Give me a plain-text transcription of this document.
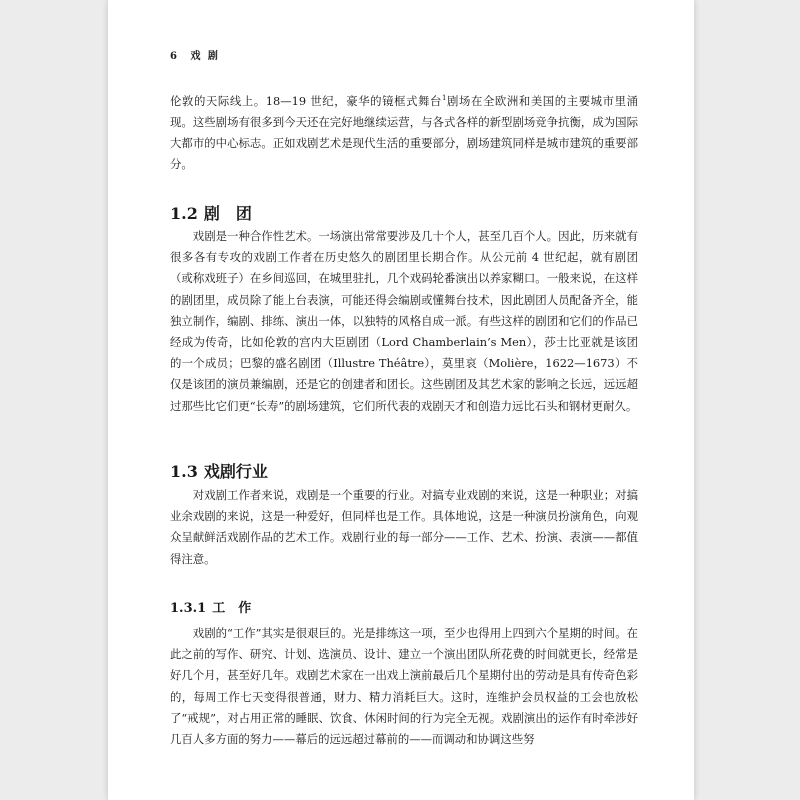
6 戏 剧

伦敦的天际线上。18—19 世纪，豪华的镜框式舞台$^1$剧场在全欧洲和美国的主要城市里涌现。这些剧场有很多到今天还在完好地继续运营，与各式各样的新型剧场竞争抗衡，成为国际大都市的中心标志。正如戏剧艺术是现代生活的重要部分，剧场建筑同样是城市建筑的重要部分。

1.2 剧　团

戏剧是一种合作性艺术。一场演出常常要涉及几十个人，甚至几百个人。因此，历来就有很多各有专攻的戏剧工作者在历史悠久的剧团里长期合作。从公元前 4 世纪起，就有剧团（或称戏班子）在乡间巡回，在城里驻扎，几个戏码轮番演出以养家糊口。一般来说，在这样的剧团里，成员除了能上台表演，可能还得会编剧或懂舞台技术，因此剧团人员配备齐全，能独立制作，编剧、排练、演出一体，以独特的风格自成一派。有些这样的剧团和它们的作品已经成为传奇，比如伦敦的宫内大臣剧团（Lord Chamberlain’s Men），莎士比亚就是该团的一个成员；巴黎的盛名剧团（Illustre Théâtre），莫里哀（Molière，1622—1673）不仅是该团的演员兼编剧，还是它的创建者和团长。这些剧团及其艺术家的影响之长远，远远超过那些比它们更“长寿”的剧场建筑，它们所代表的戏剧天才和创造力远比石头和钢材更耐久。

1.3 戏剧行业

对戏剧工作者来说，戏剧是一个重要的行业。对搞专业戏剧的来说，这是一种职业；对搞业余戏剧的来说，这是一种爱好，但同样也是工作。具体地说，这是一种演员扮演角色，向观众呈献鲜活戏剧作品的艺术工作。戏剧行业的每一部分——工作、艺术、扮演、表演——都值得注意。

1.3.1 工　作

戏剧的“工作”其实是很艰巨的。光是排练这一项，至少也得用上四到六个星期的时间。在此之前的写作、研究、计划、选演员、设计、建立一个演出团队所花费的时间就更长，经常是好几个月，甚至好几年。戏剧艺术家在一出戏上演前最后几个星期付出的劳动是具有传奇色彩的，每周工作七天变得很普通，财力、精力消耗巨大。这时，连维护会员权益的工会也放松了“戒规”，对占用正常的睡眠、饮食、休闲时间的行为完全无视。戏剧演出的运作有时牵涉好几百人多方面的努力——幕后的远远超过幕前的——而调动和协调这些努
